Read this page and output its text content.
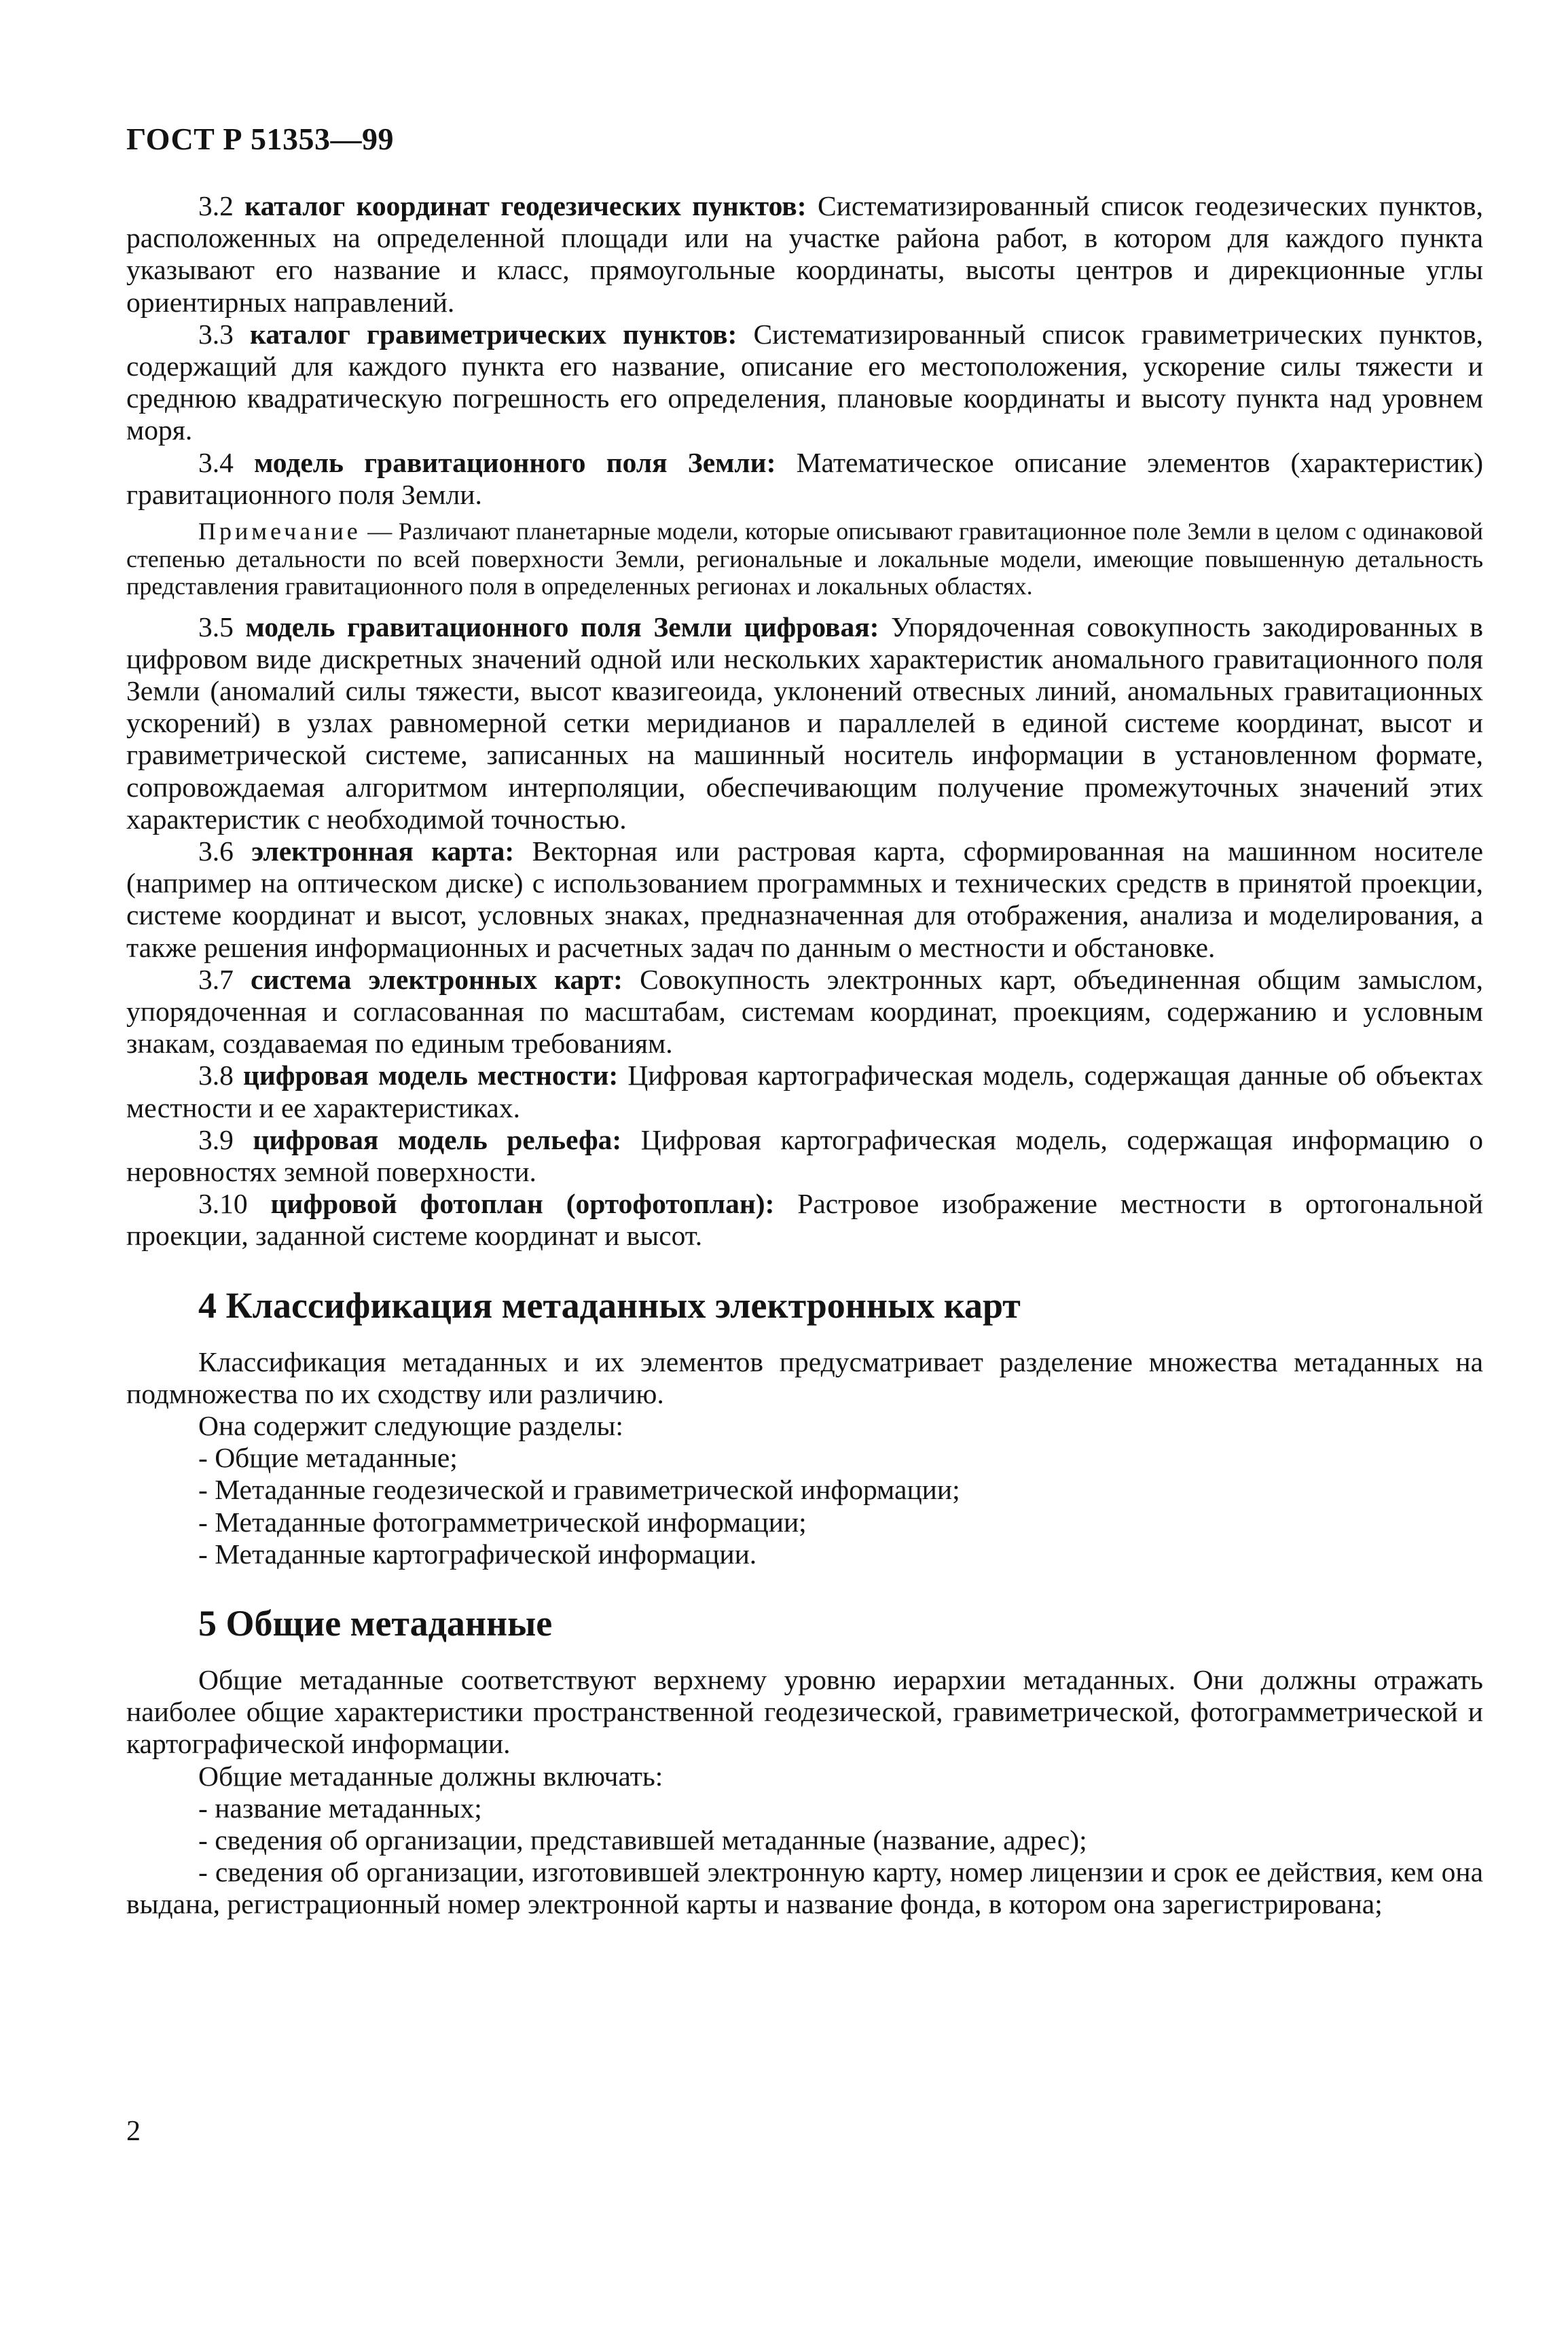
ГОСТ Р 51353—99

3.2 каталог координат геодезических пунктов: Систематизированный список геодезических пунктов, расположенных на определенной площади или на участке района работ, в котором для каждого пункта указывают его название и класс, прямоугольные координаты, высоты центров и дирекционные углы ориентирных направлений.

3.3 каталог гравиметрических пунктов: Систематизированный список гравиметрических пунктов, содержащий для каждого пункта его название, описание его местоположения, ускорение силы тяжести и среднюю квадратическую погрешность его определения, плановые координаты и высоту пункта над уровнем моря.

3.4 модель гравитационного поля Земли: Математическое описание элементов (характеристик) гравитационного поля Земли.

Примечание — Различают планетарные модели, которые описывают гравитационное поле Земли в целом с одинаковой степенью детальности по всей поверхности Земли, региональные и локальные модели, имеющие повышенную детальность представления гравитационного поля в определенных регионах и локальных областях.

3.5 модель гравитационного поля Земли цифровая: Упорядоченная совокупность закодированных в цифровом виде дискретных значений одной или нескольких характеристик аномального гравитационного поля Земли (аномалий силы тяжести, высот квазигеоида, уклонений отвесных линий, аномальных гравитационных ускорений) в узлах равномерной сетки меридианов и параллелей в единой системе координат, высот и гравиметрической системе, записанных на машинный носитель информации в установленном формате, сопровождаемая алгоритмом интерполяции, обеспечивающим получение промежуточных значений этих характеристик с необходимой точностью.

3.6 электронная карта: Векторная или растровая карта, сформированная на машинном носителе (например на оптическом диске) с использованием программных и технических средств в принятой проекции, системе координат и высот, условных знаках, предназначенная для отображения, анализа и моделирования, а также решения информационных и расчетных задач по данным о местности и обстановке.

3.7 система электронных карт: Совокупность электронных карт, объединенная общим замыслом, упорядоченная и согласованная по масштабам, системам координат, проекциям, содержанию и условным знакам, создаваемая по единым требованиям.

3.8 цифровая модель местности: Цифровая картографическая модель, содержащая данные об объектах местности и ее характеристиках.

3.9 цифровая модель рельефа: Цифровая картографическая модель, содержащая информацию о неровностях земной поверхности.

3.10 цифровой фотоплан (ортофотоплан): Растровое изображение местности в ортогональной проекции, заданной системе координат и высот.

4 Классификация метаданных электронных карт

Классификация метаданных и их элементов предусматривает разделение множества метаданных на подмножества по их сходству или различию.

Она содержит следующие разделы:

- Общие метаданные;
- Метаданные геодезической и гравиметрической информации;
- Метаданные фотограмметрической информации;
- Метаданные картографической информации.
5 Общие метаданные

Общие метаданные соответствуют верхнему уровню иерархии метаданных. Они должны отражать наиболее общие характеристики пространственной геодезической, гравиметрической, фотограмметрической и картографической информации.

Общие метаданные должны включать:

- название метаданных;
- сведения об организации, представившей метаданные (название, адрес);
- сведения об организации, изготовившей электронную карту, номер лицензии и срок ее действия, кем она выдана, регистрационный номер электронной карты и название фонда, в котором она зарегистрирована;
2
